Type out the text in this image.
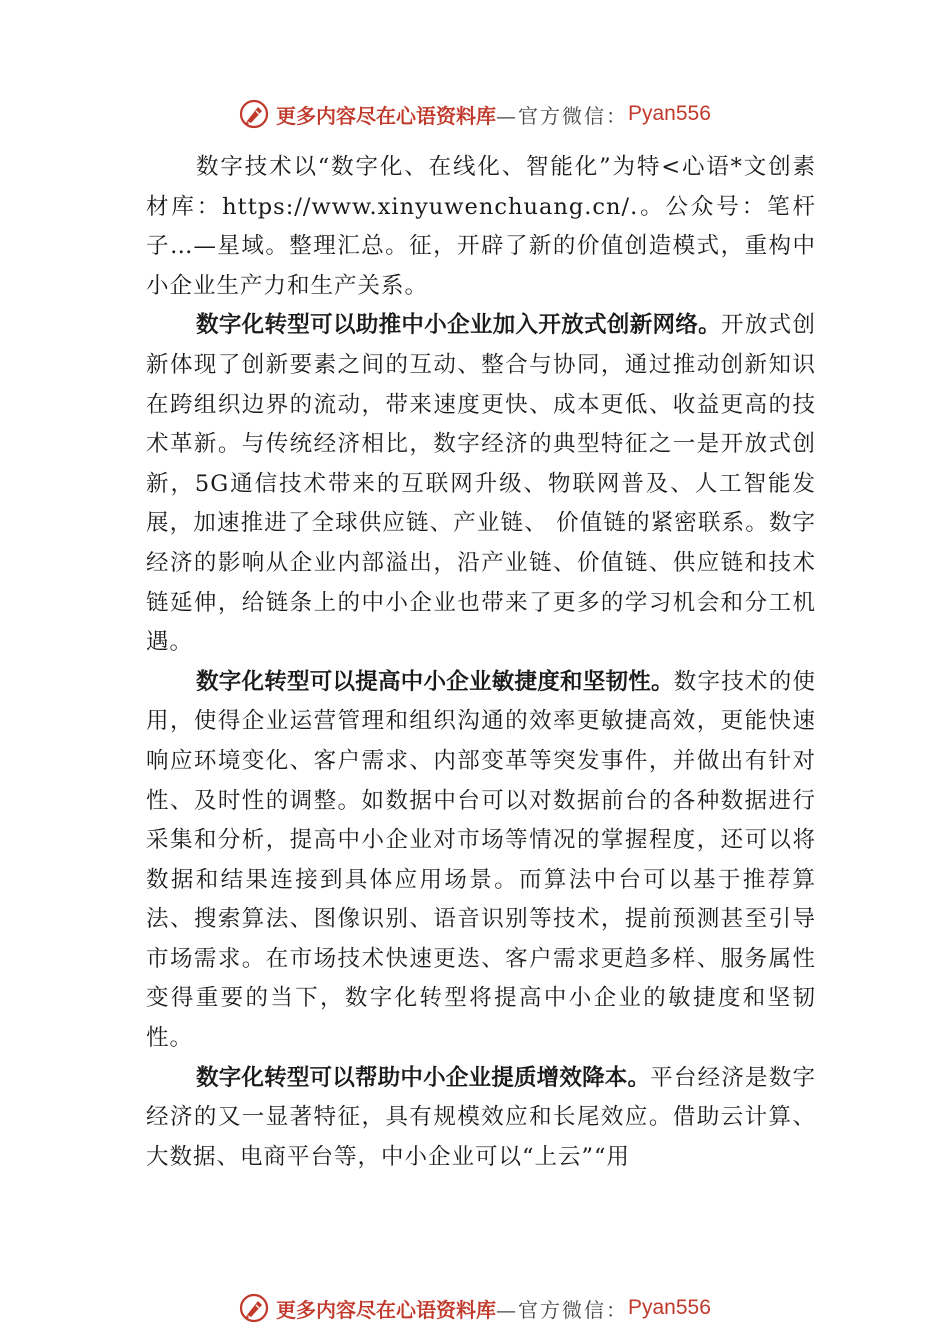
更多内容尽在心语资料库 —官方微信： Pyan556

数字技术以“数字化、在线化、智能化”为特<心语*文创素材库：https://www.xinyuwenchuang.cn/.。公众号：笔杆子…—星域。整理汇总。征，开辟了新的价值创造模式，重构中小企业生产力和生产关系。

数字化转型可以助推中小企业加入开放式创新网络。开放式创新体现了创新要素之间的互动、整合与协同，通过推动创新知识在跨组织边界的流动，带来速度更快、成本更低、收益更高的技术革新。与传统经济相比，数字经济的典型特征之一是开放式创新，5G通信技术带来的互联网升级、物联网普及、人工智能发展，加速推进了全球供应链、产业链、 价值链的紧密联系。数字经济的影响从企业内部溢出，沿产业链、价值链、供应链和技术链延伸，给链条上的中小企业也带来了更多的学习机会和分工机遇。

数字化转型可以提高中小企业敏捷度和坚韧性。数字技术的使用，使得企业运营管理和组织沟通的效率更敏捷高效，更能快速响应环境变化、客户需求、内部变革等突发事件，并做出有针对性、及时性的调整。如数据中台可以对数据前台的各种数据进行采集和分析，提高中小企业对市场等情况的掌握程度，还可以将数据和结果连接到具体应用场景。而算法中台可以基于推荐算法、搜索算法、图像识别、语音识别等技术，提前预测甚至引导市场需求。在市场技术快速更迭、客户需求更趋多样、服务属性变得重要的当下，数字化转型将提高中小企业的敏捷度和坚韧性。

数字化转型可以帮助中小企业提质增效降本。平台经济是数字经济的又一显著特征，具有规模效应和长尾效应。借助云计算、大数据、电商平台等，中小企业可以“上云”“用

更多内容尽在心语资料库 —官方微信： Pyan556
